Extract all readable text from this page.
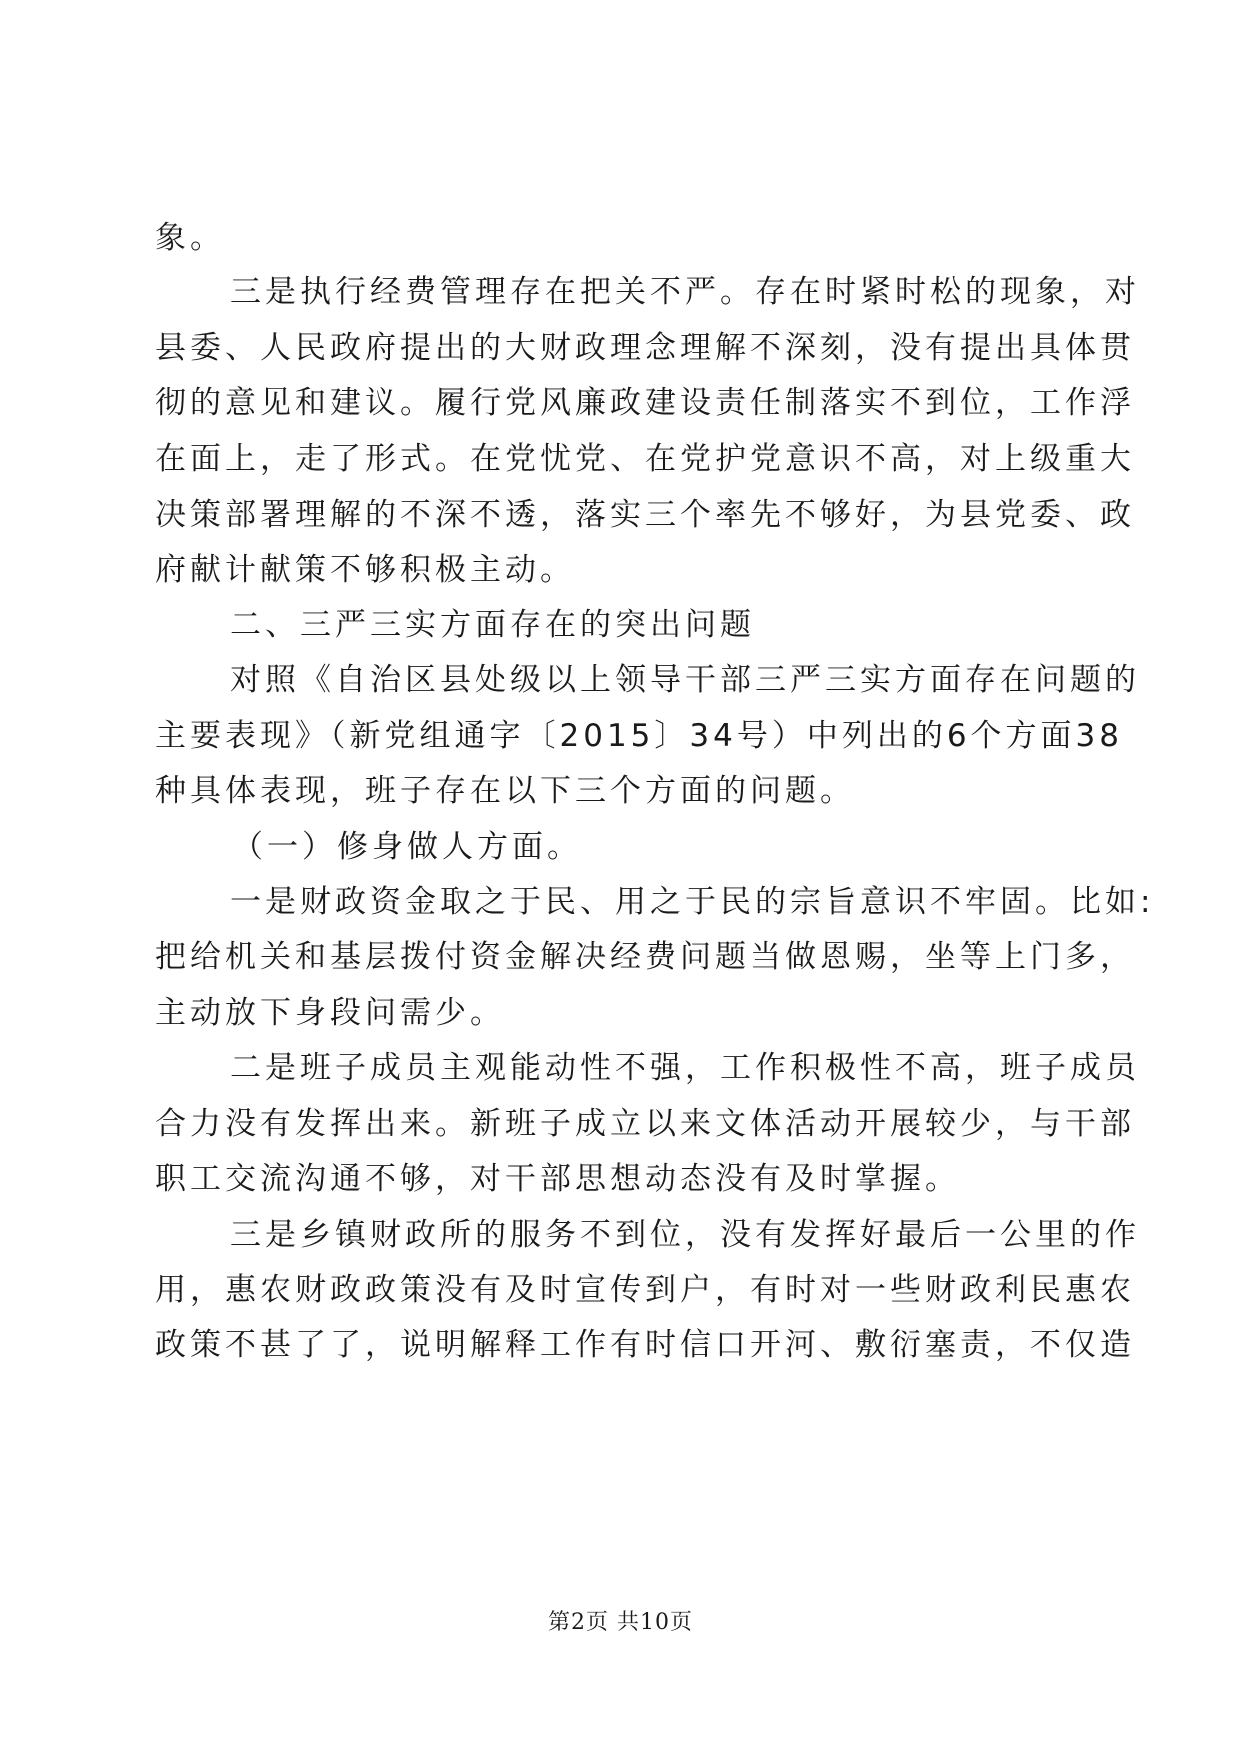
象。

三是执行经费管理存在把关不严。存在时紧时松的现象，对

县委、人民政府提出的大财政理念理解不深刻，没有提出具体贯

彻的意见和建议。履行党风廉政建设责任制落实不到位，工作浮

在面上，走了形式。在党忧党、在党护党意识不高，对上级重大

决策部署理解的不深不透，落实三个率先不够好，为县党委、政

府献计献策不够积极主动。

二、三严三实方面存在的突出问题

对照《自治区县处级以上领导干部三严三实方面存在问题的

主要表现》（新党组通字〔2015〕34号）中列出的6个方面38

种具体表现，班子存在以下三个方面的问题。

（一）修身做人方面。

一是财政资金取之于民、用之于民的宗旨意识不牢固。比如:

把给机关和基层拨付资金解决经费问题当做恩赐，坐等上门多，

主动放下身段问需少。

二是班子成员主观能动性不强，工作积极性不高，班子成员

合力没有发挥出来。新班子成立以来文体活动开展较少，与干部

职工交流沟通不够，对干部思想动态没有及时掌握。

三是乡镇财政所的服务不到位，没有发挥好最后一公里的作

用，惠农财政政策没有及时宣传到户，有时对一些财政利民惠农

政策不甚了了，说明解释工作有时信口开河、敷衍塞责，不仅造

第2页 共10页
